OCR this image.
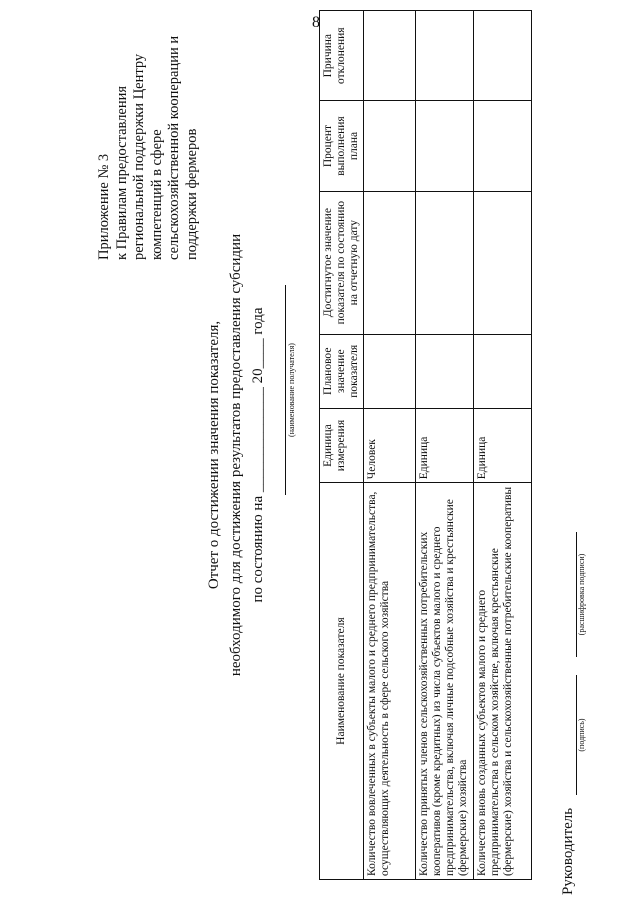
8
Приложение № 3 к Правилам предоставления региональной поддержки Центру компетенций в сфере сельскохозяйственной кооперации и поддержки фермеров
Отчет о достижении значения показателя, необходимого для достижения результатов предоставления субсидии по состоянию на ______________ 20____ года	(наименование получателя)
Наименование показателя	Единица измерения	Плановое значение показателя	Достигнутое значение показателя по состоянию на отчетную дату	Процент выполнения плана	Причина отклонения
Количество вовлеченных в субъекты малого и среднего предпринимательства, осуществляющих деятельность в сфере сельского хозяйства	Человек				
Количество принятых членов сельскохозяйственных потребительских кооперативов (кроме кредитных) из числа субъектов малого и среднего предпринимательства, включая личные подсобные хозяйства и крестьянские (фермерские) хозяйства	Единица				
Количество вновь созданных субъектов малого и среднего предпринимательства в сельском хозяйстве, включая крестьянские (фермерские) хозяйства и сельскохозяйственные потребительские кооперативы	Единица				
Руководитель
(подпись)
(расшифровка подписи)
